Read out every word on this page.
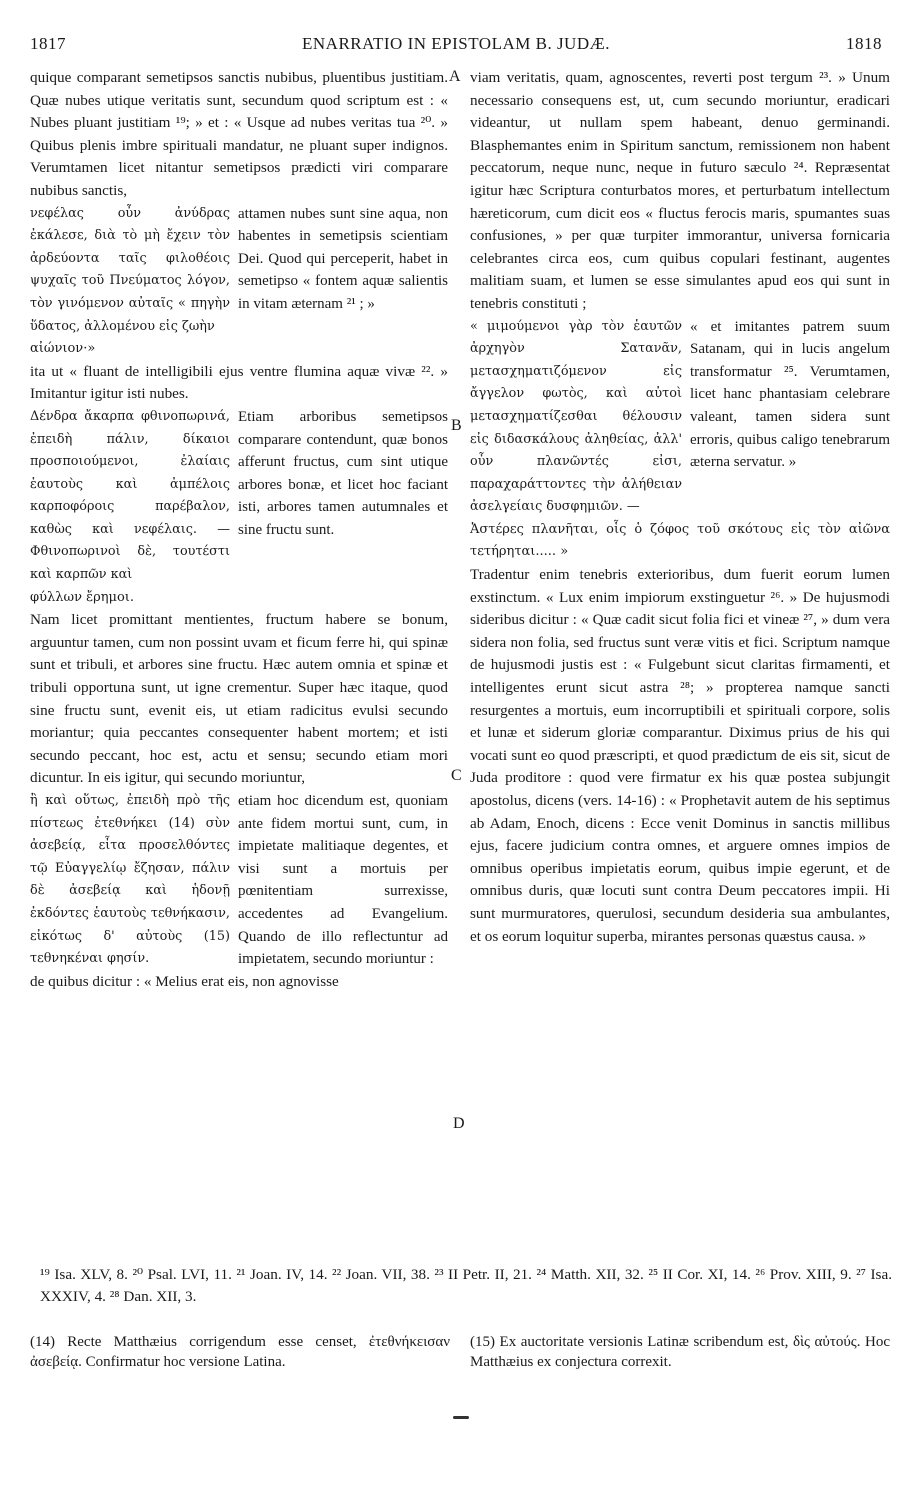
1817	ENARRATIO IN EPISTOLAM B. JUDÆ.	1818
A
B
C
D

quique comparant semetipsos sanctis nubibus, pluentibus justitiam. Quæ nubes utique veritatis sunt, secundum quod scriptum est : « Nubes pluant justitiam ¹⁹; » et : « Usque ad nubes veritas tua ²⁰. » Quibus plenis imbre spirituali mandatur, ne pluant super indignos. Verumtamen licet nitantur semetipsos prædicti viri comparare nubibus sanctis,

νεφέλας οὖν ἀνύδρας ἐκάλεσε, διὰ τὸ μὴ ἔχειν τὸν ἀρδεύοντα ταῖς φιλοθέοις ψυχαῖς τοῦ Πνεύματος λόγον, τὸν γινόμενον αὐταῖς « πηγὴν ὕδατος, ἀλλομένου εἰς ζωὴν
attamen nubes sunt sine aqua, non habentes in semetipsis scientiam Dei. Quod qui perceperit, habet in semetipso « fontem aquæ salientis in vitam æternam ²¹ ; »

αἰώνιον·»

ita ut « fluant de intelligibili ejus ventre flumina aquæ vivæ ²². » Imitantur igitur isti nubes.

Δένδρα ἄκαρπα φθινοπωρινά, ἐπειδὴ πάλιν, δίκαιοι προσποιούμενοι, ἐλαίαις ἑαυτοὺς καὶ ἀμπέλοις καρποφόροις παρέβαλον, καθὼς καὶ νεφέλαις. — Φθινοπωρινοὶ δὲ, τουτέστι καὶ καρπῶν καὶ
Etiam arboribus semetipsos comparare contendunt, quæ bonos afferunt fructus, cum sint utique arbores bonæ, et licet hoc faciant isti, arbores tamen autumnales et sine fructu sunt.

φύλλων ἔρημοι.

Nam licet promittant mentientes, fructum habere se bonum, arguuntur tamen, cum non possint uvam et ficum ferre hi, qui spinæ sunt et tribuli, et arbores sine fructu. Hæc autem omnia et spinæ et tribuli opportuna sunt, ut igne crementur. Super hæc itaque, quod sine fructu sunt, evenit eis, ut etiam radicitus evulsi secundo moriantur; quia peccantes consequenter habent mortem; et isti secundo peccant, hoc est, actu et sensu; secundo etiam mori dicuntur. In eis igitur, qui secundo moriuntur,

ἢ καὶ οὕτως, ἐπειδὴ πρὸ τῆς πίστεως ἐτεθνήκει (14) σὺν ἀσεβείᾳ, εἶτα προσελθόντες τῷ Εὐαγγελίῳ ἔζησαν, πάλιν δὲ ἀσεβείᾳ καὶ ἡδονῇ ἐκδόντες ἑαυτοὺς τεθνήκασιν, εἰκότως δ' αὐτοὺς (15) τεθνηκέναι φησίν.
etiam hoc dicendum est, quoniam ante fidem mortui sunt, cum, in impietate malitiaque degentes, et visi sunt a mortuis per pœnitentiam surrexisse, accedentes ad Evangelium. Quando de illo reflectuntur ad impietatem, secundo moriuntur :

de quibus dicitur : « Melius erat eis, non agnovisse

viam veritatis, quam, agnoscentes, reverti post tergum ²³. » Unum necessario consequens est, ut, cum secundo moriuntur, eradicari videantur, ut nullam spem habeant, denuo germinandi. Blasphemantes enim in Spiritum sanctum, remissionem non habent peccatorum, neque nunc, neque in futuro sæculo ²⁴. Repræsentat igitur hæc Scriptura conturbatos mores, et perturbatum intellectum hæreticorum, cum dicit eos « fluctus ferocis maris, spumantes suas confusiones, » per quæ turpiter immorantur, universa fornicaria celebrantes circa eos, cum quibus copulari festinant, augentes malitiam suam, et lumen se esse simulantes apud eos qui sunt in tenebris constituti ;

« μιμούμενοι γὰρ τὸν ἑαυτῶν ἀρχηγὸν Σατανᾶν, μετασχηματιζόμενον εἰς ἄγγελον φωτὸς, καὶ αὐτοὶ μετασχηματίζεσθαι θέλουσιν εἰς διδασκάλους ἀληθείας, ἀλλ' οὖν πλανῶντές εἰσι, παραχαράττοντες τὴν ἀλήθειαν ἀσελγείαις δυσφημιῶν. —
« et imitantes patrem suum Satanam, qui in lucis angelum transformatur ²⁵. Verumtamen, licet hanc phantasiam celebrare valeant, tamen sidera sunt erroris, quibus caligo tenebrarum æterna servatur. »

Ἀστέρες πλανῆται, οἷς ὁ ζόφος τοῦ σκότους εἰς τὸν αἰῶνα τετήρηται..... »

Tradentur enim tenebris exterioribus, dum fuerit eorum lumen exstinctum. « Lux enim impiorum exstinguetur ²⁶. » De hujusmodi sideribus dicitur : « Quæ cadit sicut folia fici et vineæ ²⁷, » dum vera sidera non folia, sed fructus sunt veræ vitis et fici. Scriptum namque de hujusmodi justis est : « Fulgebunt sicut claritas firmamenti, et intelligentes erunt sicut astra ²⁸; » propterea namque sancti resurgentes a mortuis, eum incorruptibili et spirituali corpore, solis et lunæ et siderum gloriæ comparantur. Diximus prius de his qui vocati sunt eo quod præscripti, et quod prædictum de eis sit, sicut de Juda proditore : quod vere firmatur ex his quæ postea subjungit apostolus, dicens (vers. 14-16) : « Prophetavit autem de his septimus ab Adam, Enoch, dicens : Ecce venit Dominus in sanctis millibus ejus, facere judicium contra omnes, et arguere omnes impios de omnibus operibus impietatis eorum, quibus impie egerunt, et de omnibus duris, quæ locuti sunt contra Deum peccatores impii. Hi sunt murmuratores, querulosi, secundum desideria sua ambulantes, et os eorum loquitur superba, mirantes personas quæstus causa. »

¹⁹ Isa. XLV, 8. ²⁰ Psal. LVI, 11. ²¹ Joan. IV, 14. ²² Joan. VII, 38. ²³ II Petr. II, 21. ²⁴ Matth. XII, 32. ²⁵ II Cor. XI, 14. ²⁶ Prov. XIII, 9. ²⁷ Isa. XXXIV, 4. ²⁸ Dan. XII, 3.
(14) Recte Matthæius corrigendum esse censet, ἐτεθνήκεισαν ἀσεβείᾳ. Confirmatur hoc versione Latina.
(15) Ex auctoritate versionis Latinæ scribendum est, δὶς αὐτούς. Hoc Matthæius ex conjectura correxit.
